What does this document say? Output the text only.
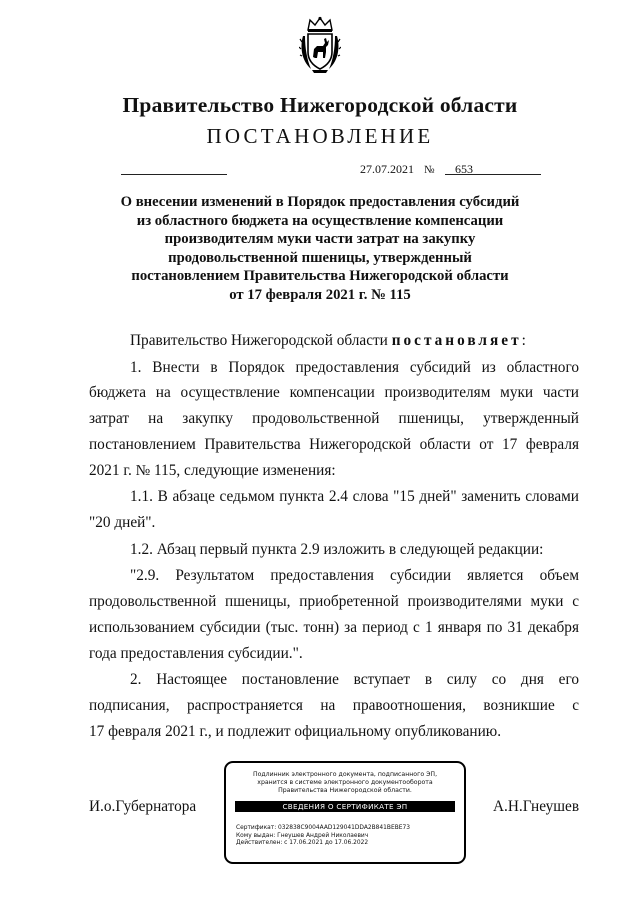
Правительство Нижегородской области
ПОСТАНОВЛЕНИЕ
27.07.2021 № 653
О внесении изменений в Порядок предоставления субсидий
из областного бюджета на осуществление компенсации
производителям муки части затрат на закупку
продовольственной пшеницы, утвержденный
постановлением Правительства Нижегородской области
от 17 февраля 2021 г. № 115
Правительство Нижегородской области постановляет:
1. Внести в Порядок предоставления субсидий из областного
бюджета на осуществление компенсации производителям муки части
затрат на закупку продовольственной пшеницы, утвержденный
постановлением Правительства Нижегородской области от 17 февраля
2021 г. № 115, следующие изменения:
1.1. В абзаце седьмом пункта 2.4 слова "15 дней" заменить словами
"20 дней".
1.2. Абзац первый пункта 2.9 изложить в следующей редакции:
"2.9. Результатом предоставления субсидии является объем
продовольственной пшеницы, приобретенной производителями муки с
использованием субсидии (тыс. тонн) за период с 1 января по 31 декабря
года предоставления субсидии.".
2. Настоящее постановление вступает в силу со дня его
подписания, распространяется на правоотношения, возникшие с
17 февраля 2021 г., и подлежит официальному опубликованию.
И.о.Губернатора	А.Н.Гнеушев
Подлинник электронного документа, подписанного ЭП,
хранится в системе электронного документооборота
Правительства Нижегородской области.
СВЕДЕНИЯ О СЕРТИФИКАТЕ ЭП
Сертификат: 032838C9004AAD129041DDA2B841BEBE73
Кому выдан: Гнеушев Андрей Николаевич
Действителен: с 17.06.2021 до 17.06.2022
